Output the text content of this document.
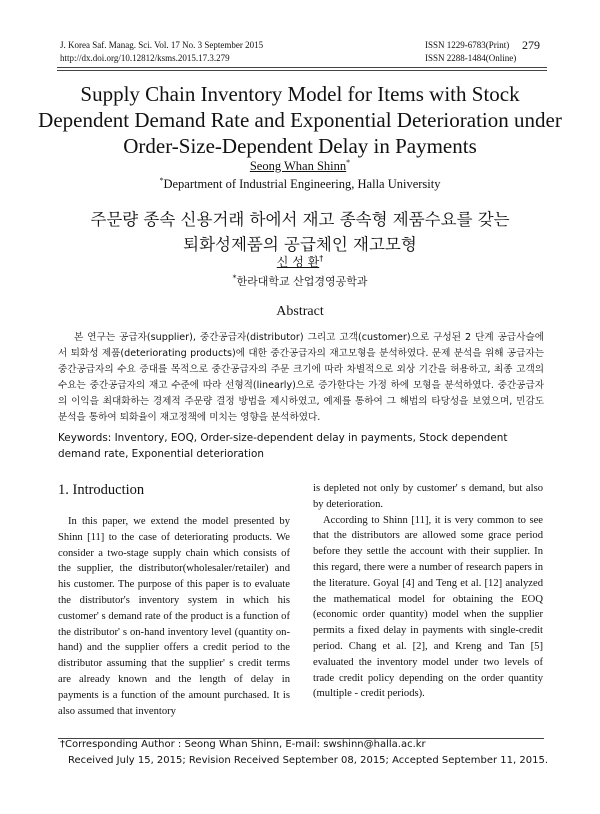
J. Korea Saf. Manag. Sci. Vol. 17 No. 3 September 2015
http://dx.doi.org/10.12812/ksms.2015.17.3.279
ISSN 1229-6783(Print)
ISSN 2288-1484(Online)
279
Supply Chain Inventory Model for Items with Stock
Dependent Demand Rate and Exponential Deterioration under
Order-Size-Dependent Delay in Payments
Seong Whan Shinn*
*Department of Industrial Engineering, Halla University
주문량 종속 신용거래 하에서 재고 종속형 제품수요를 갖는
퇴화성제품의 공급체인 재고모형
신 성 환†
*한라대학교 산업경영공학과
Abstract
본 연구는 공급자(supplier), 중간공급자(distributor) 그리고 고객(customer)으로 구성된 2 단계 공급사슬에서 퇴화성 제품(deteriorating products)에 대한 중간공급자의 재고모형을 분석하였다. 문제 분석을 위해 공급자는 중간공급자의 수요 증대를 목적으로 중간공급자의 주문 크기에 따라 차별적으로 외상 기간을 허용하고, 최종 고객의 수요는 중간공급자의 재고 수준에 따라 선형적(linearly)으로 증가한다는 가정 하에 모형을 분석하였다. 중간공급자의 이익을 최대화하는 경제적 주문량 결정 방법을 제시하였고, 예제를 통하여 그 해법의 타당성을 보였으며, 민감도 분석을 통하여 퇴화율이 재고정책에 미치는 영향을 분석하였다.
Keywords: Inventory, EOQ, Order-size-dependent delay in payments, Stock dependent demand rate, Exponential deterioration
1. Introduction
In this paper, we extend the model presented by Shinn [11] to the case of deteriorating products. We consider a two-stage supply chain which consists of the supplier, the distributor(wholesaler/retailer) and his customer. The purpose of this paper is to evaluate the distributor's inventory system in which his customer' s demand rate of the product is a function of the distributor' s on-hand inventory level (quantity on-hand) and the supplier offers a credit period to the distributor assuming that the supplier' s credit terms are already known and the length of delay in payments is a function of the amount purchased. It is also assumed that inventory

is depleted not only by customer' s demand, but also by deterioration.

According to Shinn [11], it is very common to see that the distributors are allowed some grace period before they settle the account with their supplier. In this regard, there were a number of research papers in the literature. Goyal [4] and Teng et al. [12] analyzed the mathematical model for obtaining the EOQ (economic order quantity) model when the supplier permits a fixed delay in payments with single-credit period. Chang et al. [2], and Kreng and Tan [5] evaluated the inventory model under two levels of trade credit policy depending on the order quantity (multiple - credit periods).

†Corresponding Author : Seong Whan Shinn, E-mail: swshinn@halla.ac.kr
Received July 15, 2015; Revision Received September 08, 2015; Accepted September 11, 2015.
